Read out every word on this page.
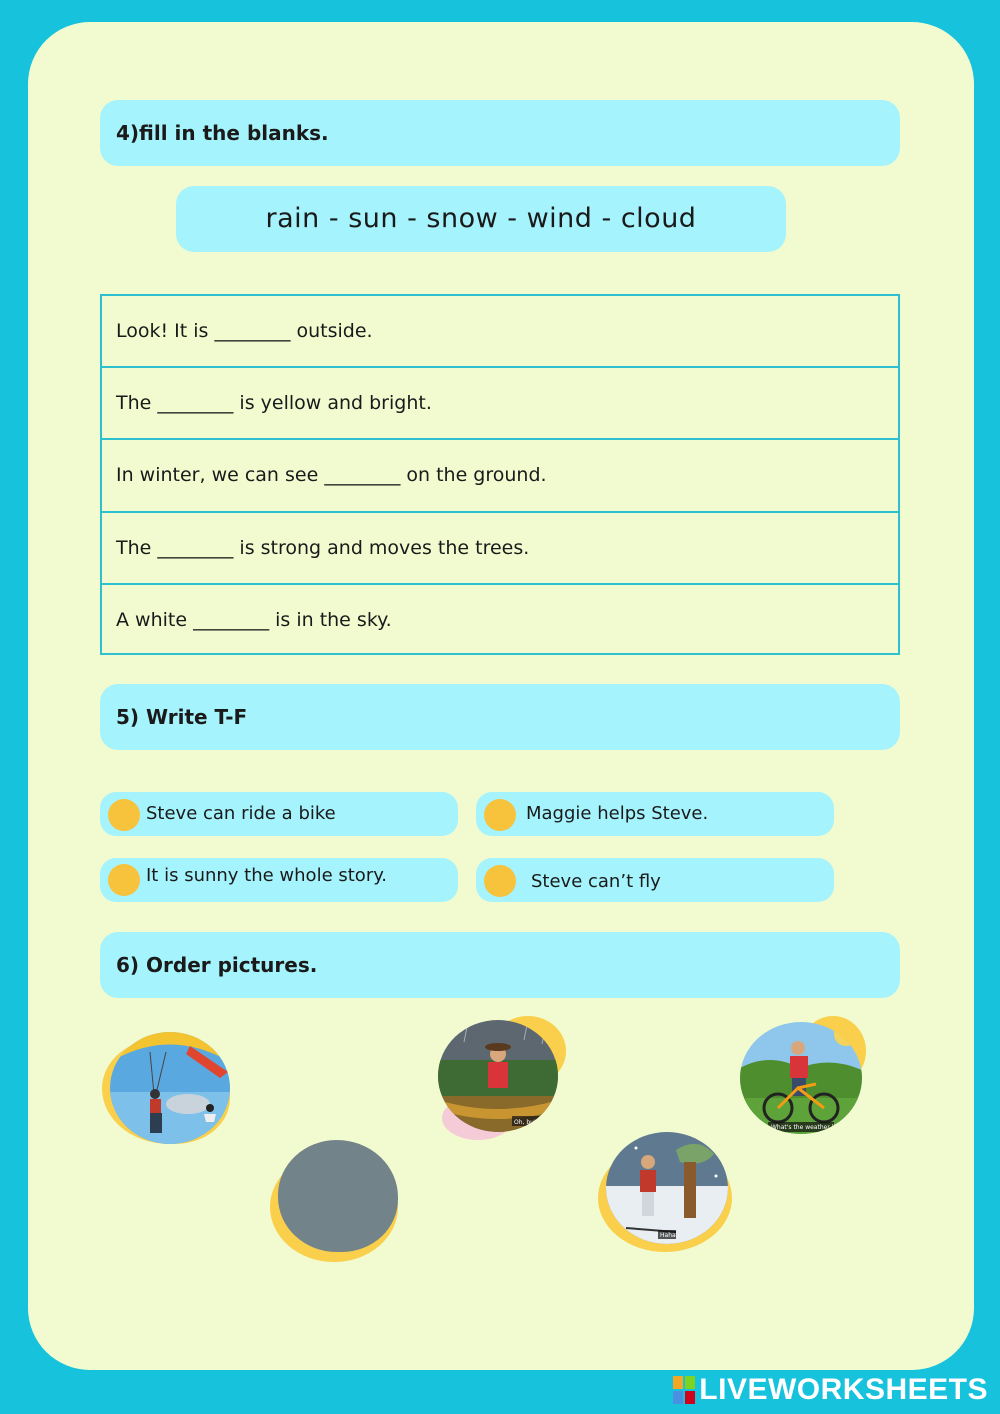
4)fill in the blanks.
rain - sun - snow - wind - cloud
Look! It is ________ outside.
The ________ is yellow and bright.
In winter, we can see ________ on the ground.
The ________ is strong and moves the trees.
A white ________ is in the sky.
5) Write T-F
Steve can ride a bike	Maggie helps Steve.
It is sunny the whole story.	Steve can’t fly
6) Order pictures.
Oh, but it
What's the weather like?
Haha
LIVEWORKSHEETS
